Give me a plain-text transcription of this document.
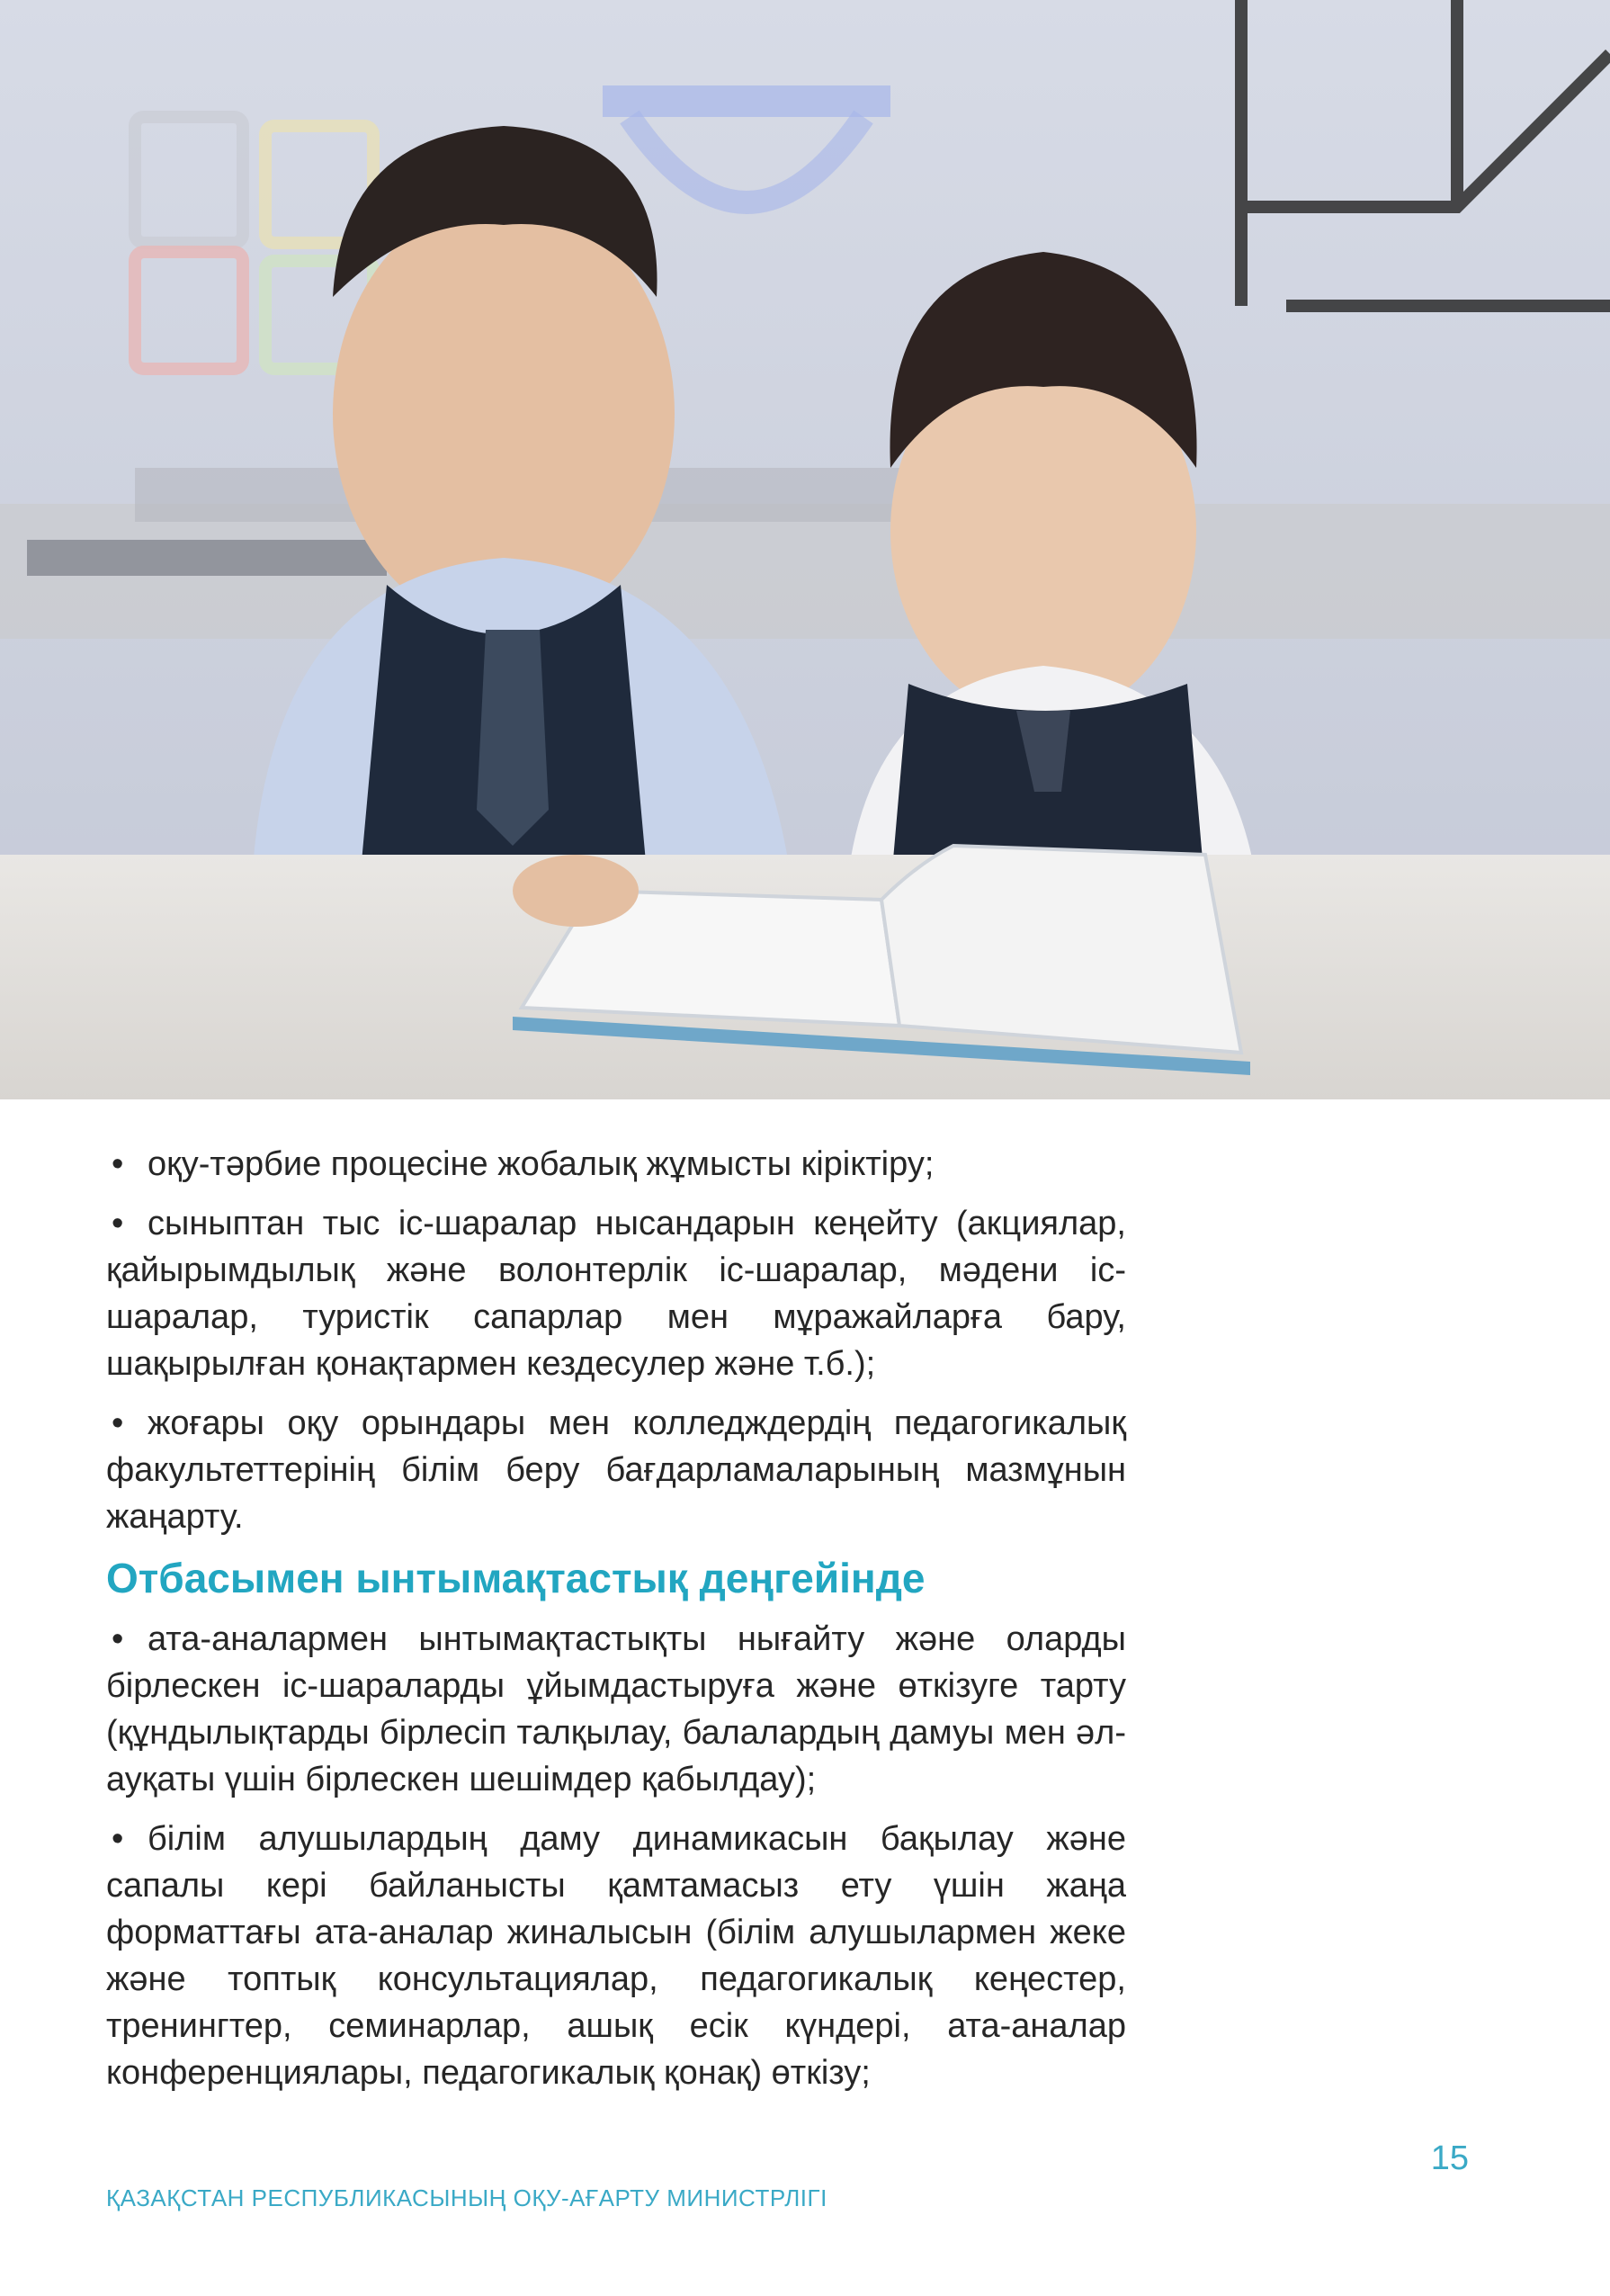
• оқу-тәрбие процесіне жобалық жұмысты кіріктіру;

• сыныптан тыс іс-шаралар нысандарын кеңейту (акциялар, қайырымдылық және волонтерлік іс-шаралар, мәдени іс-шаралар, туристік сапарлар мен мұражайларға бару, шақырылған қонақтармен кездесулер және т.б.);

• жоғары оқу орындары мен колледждердің педагогикалық факультеттерінің білім беру бағдарламаларының мазмұнын жаңарту.

Отбасымен ынтымақтастық деңгейінде

• ата-аналармен ынтымақтастықты нығайту және оларды бірлескен іс-шараларды ұйымдастыруға және өткізуге тарту (құндылықтарды бірлесіп талқылау, балалардың дамуы мен әл-ауқаты үшін бірлескен шешімдер қабылдау);

• білім алушылардың даму динамикасын бақылау және сапалы кері байланысты қамтамасыз ету үшін жаңа форматтағы ата-аналар жиналысын (білім алушылармен жеке және топтық консультациялар, педагогикалық кеңестер, тренингтер, семинарлар, ашық есік күндері, ата-аналар конференциялары, педагогикалық қонақ) өткізу;

15
ҚАЗАҚСТАН РЕСПУБЛИКАСЫНЫҢ ОҚУ-АҒАРТУ МИНИСТРЛІГІ
